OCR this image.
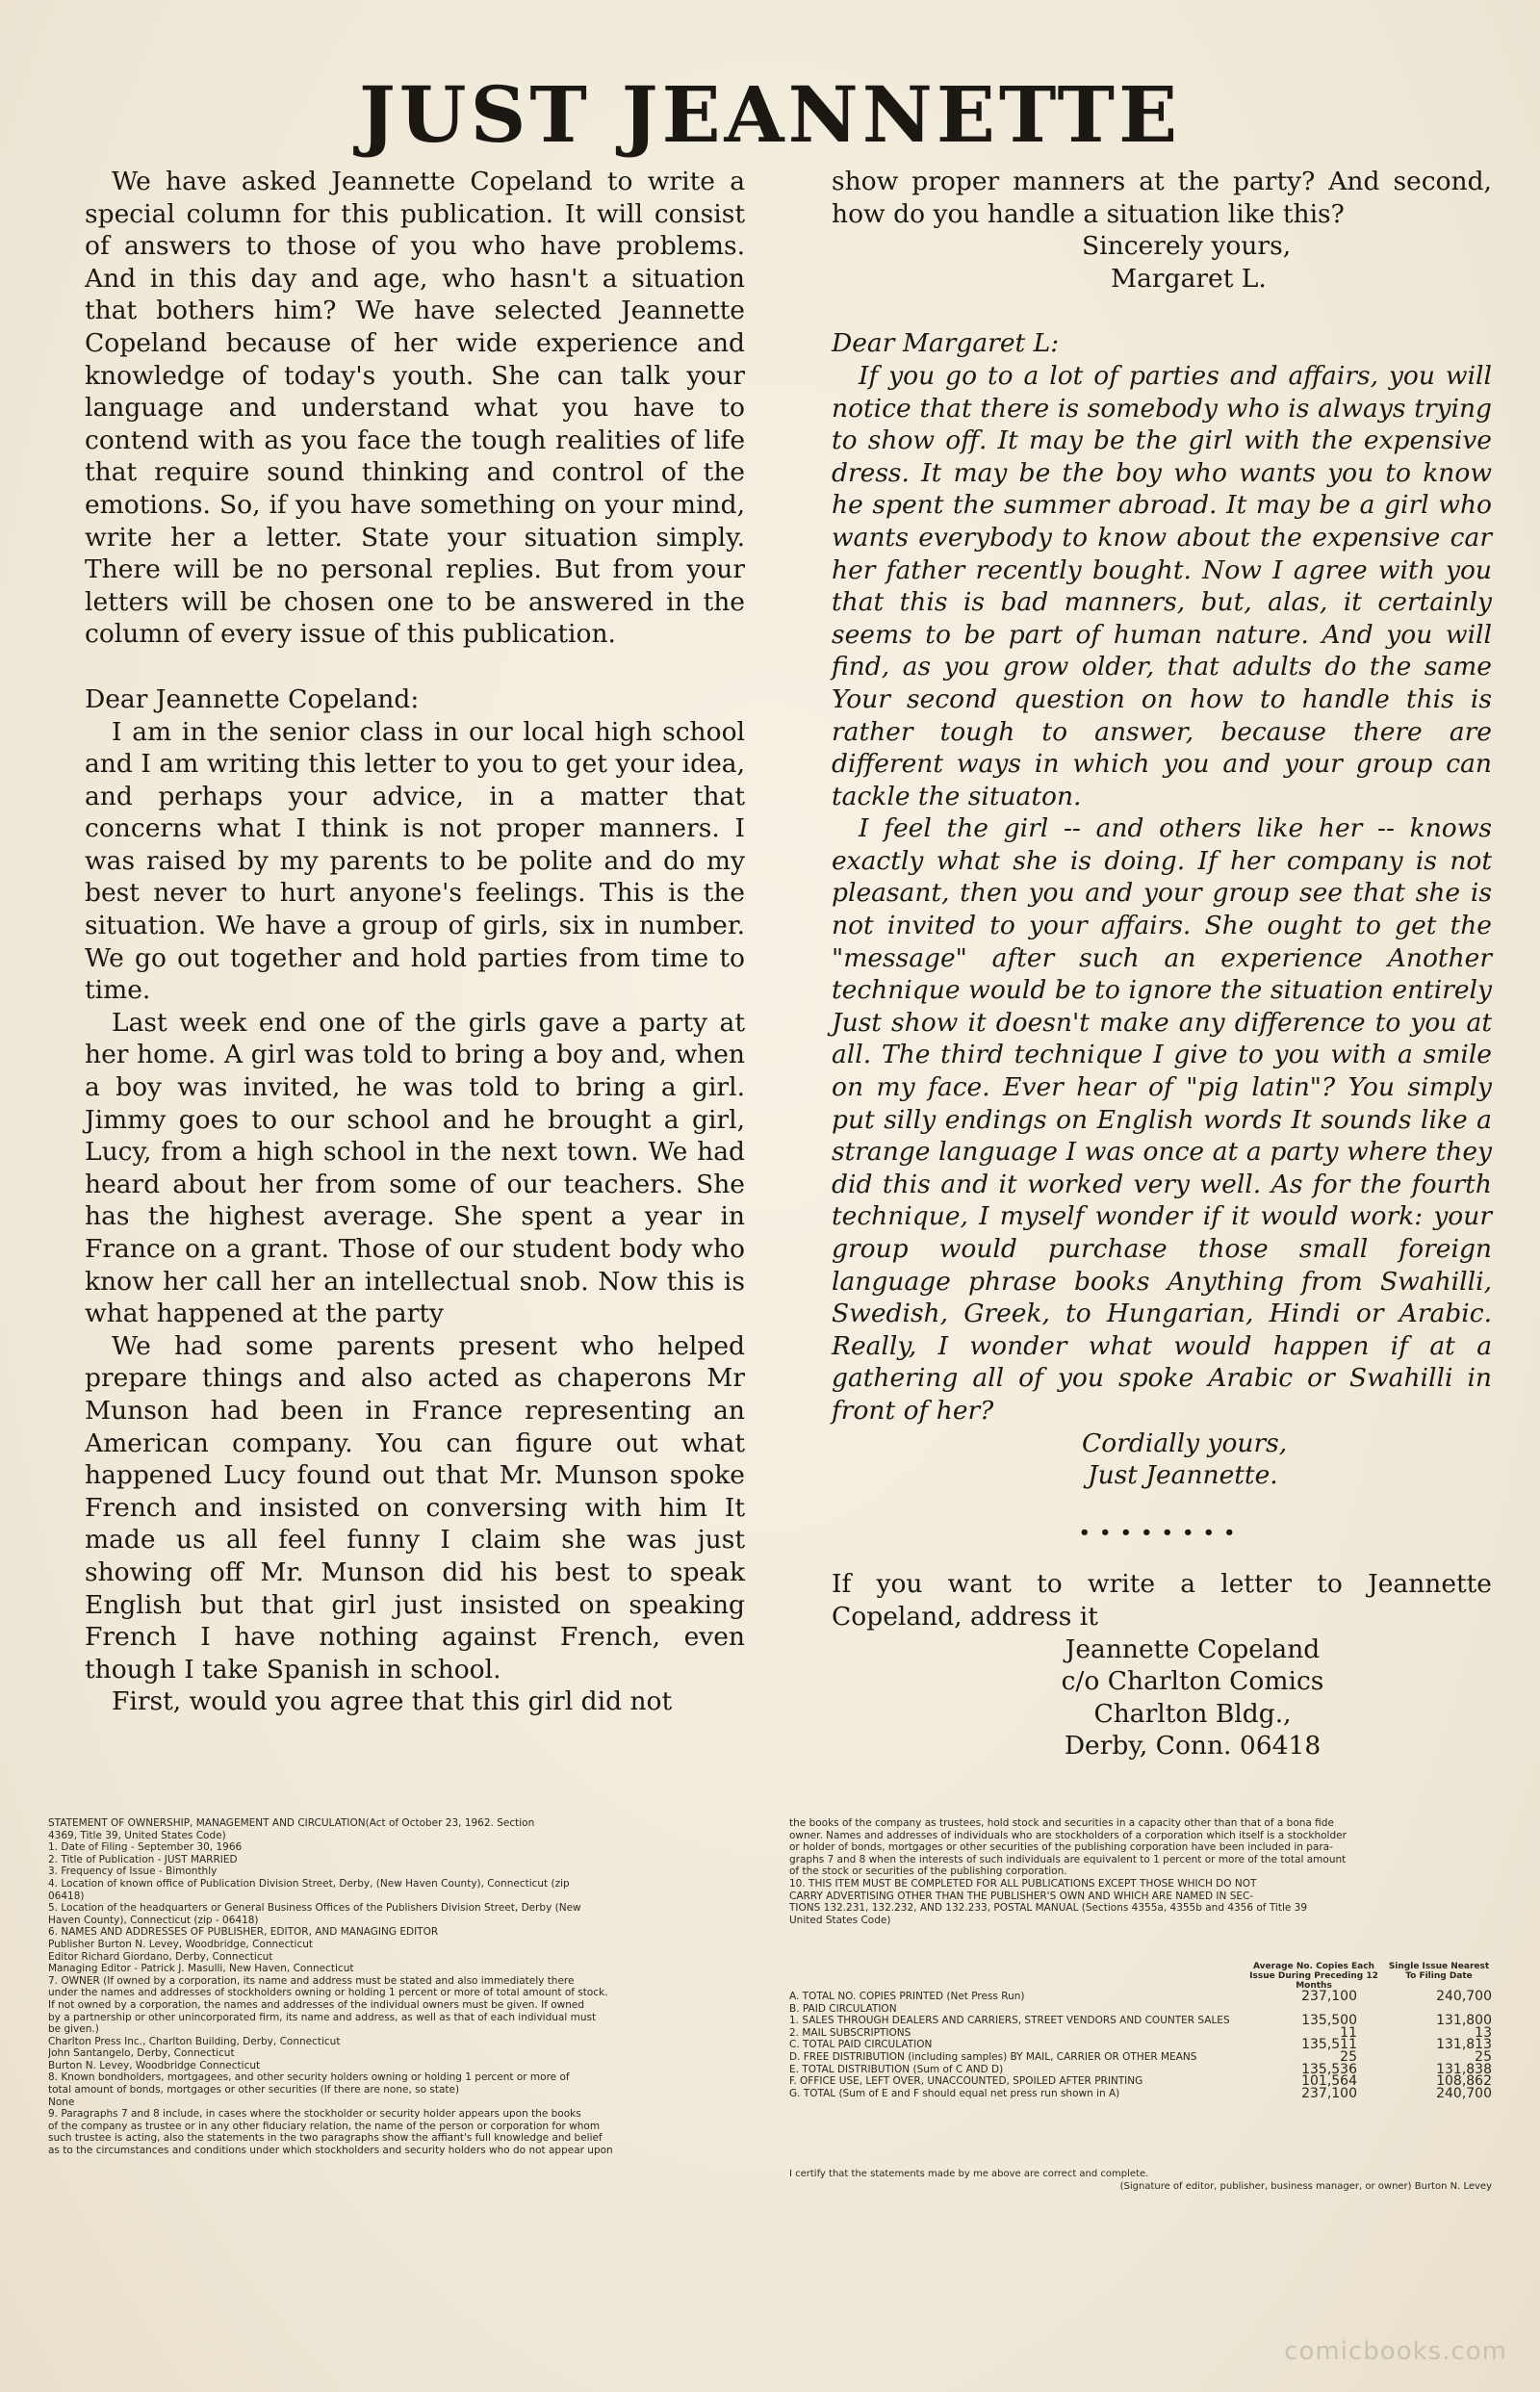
JUST JEANNETTE

We have asked Jeannette Copeland to write a special column for this publication. It will consist of answers to those of you who have problems. And in this day and age, who hasn't a situation that bothers him? We have selected Jeannette Copeland because of her wide experience and knowledge of today's youth. She can talk your language and understand what you have to contend with as you face the tough realities of life that require sound thinking and control of the emotions. So, if you have something on your mind, write her a letter. State your situation simply. There will be no personal replies. But from your letters will be chosen one to be answered in the column of every issue of this publication.

Dear Jeannette Copeland:

I am in the senior class in our local high school and I am writing this letter to you to get your idea, and perhaps your advice, in a matter that concerns what I think is not proper manners. I was raised by my parents to be polite and do my best never to hurt anyone's feelings. This is the situation. We have a group of girls, six in number. We go out together and hold parties from time to time.

Last week end one of the girls gave a party at her home. A girl was told to bring a boy and, when a boy was invited, he was told to bring a girl. Jimmy goes to our school and he brought a girl, Lucy, from a high school in the next town. We had heard about her from some of our teachers. She has the highest average. She spent a year in France on a grant. Those of our student body who know her call her an intellectual snob. Now this is what happened at the party

We had some parents present who helped prepare things and also acted as chaperons Mr Munson had been in France representing an American company. You can figure out what happened Lucy found out that Mr. Munson spoke French and insisted on conversing with him It made us all feel funny I claim she was just showing off Mr. Munson did his best to speak English but that girl just insisted on speaking French I have nothing against French, even though I take Spanish in school.

First, would you agree that this girl did not

show proper manners at the party? And second, how do you handle a situation like this?

Sincerely yours,

Margaret L.

Dear Margaret L:

If you go to a lot of parties and affairs, you will notice that there is somebody who is always trying to show off. It may be the girl with the expensive dress. It may be the boy who wants you to know he spent the summer abroad. It may be a girl who wants everybody to know about the expensive car her father recently bought. Now I agree with you that this is bad manners, but, alas, it certainly seems to be part of human nature. And you will find, as you grow older, that adults do the same Your second question on how to handle this is rather tough to answer, because there are different ways in which you and your group can tackle the situaton.

I feel the girl -- and others like her -- knows exactly what she is doing. If her company is not pleasant, then you and your group see that she is not invited to your affairs. She ought to get the "message" after such an experience Another technique would be to ignore the situation entirely Just show it doesn't make any difference to you at all. The third technique I give to you with a smile on my face. Ever hear of "pig latin"? You simply put silly endings on English words It sounds like a strange language I was once at a party where they did this and it worked very well. As for the fourth technique, I myself wonder if it would work: your group would purchase those small foreign language phrase books Anything from Swahilli, Swedish, Greek, to Hungarian, Hindi or Arabic. Really, I wonder what would happen if at a gathering all of you spoke Arabic or Swahilli in front of her?

Cordially yours,

Just Jeannette.

••••••••

If you want to write a letter to Jeannette Copeland, address it

Jeannette Copeland
c/o Charlton Comics
Charlton Bldg.,
Derby, Conn. 06418
STATEMENT OF OWNERSHIP, MANAGEMENT AND CIRCULATION(Act of October 23, 1962. Section
4369, Title 39, United States Code)
1. Date of Filing - September 30, 1966
2. Title of Publication - JUST MARRIED
3. Frequency of Issue - Bimonthly
4. Location of known office of Publication Division Street, Derby, (New Haven County), Connecticut (zip
06418)
5. Location of the headquarters or General Business Offices of the Publishers Division Street, Derby (New
Haven County), Connecticut (zip - 06418)
6. NAMES AND ADDRESSES OF PUBLISHER, EDITOR, AND MANAGING EDITOR
Publisher Burton N. Levey, Woodbridge, Connecticut
Editor Richard Giordano, Derby, Connecticut
Managing Editor - Patrick J. Masulli, New Haven, Connecticut
7. OWNER (If owned by a corporation, its name and address must be stated and also immediately there
under the names and addresses of stockholders owning or holding 1 percent or more of total amount of stock.
If not owned by a corporation, the names and addresses of the individual owners must be given. If owned
by a partnership or other unincorporated firm, its name and address, as well as that of each individual must
be given.)
Charlton Press Inc., Charlton Building, Derby, Connecticut
John Santangelo, Derby, Connecticut
Burton N. Levey, Woodbridge Connecticut
8. Known bondholders, mortgagees, and other security holders owning or holding 1 percent or more of
total amount of bonds, mortgages or other securities (If there are none, so state)
None
9. Paragraphs 7 and 8 include, in cases where the stockholder or security holder appears upon the books
of the company as trustee or in any other fiduciary relation, the name of the person or corporation for whom
such trustee is acting, also the statements in the two paragraphs show the affiant's full knowledge and belief
as to the circumstances and conditions under which stockholders and security holders who do not appear upon
the books of the company as trustees, hold stock and securities in a capacity other than that of a bona fide
owner. Names and addresses of individuals who are stockholders of a corporation which itself is a stockholder
or holder of bonds, mortgages or other securities of the publishing corporation have been included in para-
graphs 7 and 8 when the interests of such individuals are equivalent to 1 percent or more of the total amount
of the stock or securities of the publishing corporation.
10. THIS ITEM MUST BE COMPLETED FOR ALL PUBLICATIONS EXCEPT THOSE WHICH DO NOT
CARRY ADVERTISING OTHER THAN THE PUBLISHER'S OWN AND WHICH ARE NAMED IN SEC-
TIONS 132.231, 132.232, AND 132.233, POSTAL MANUAL (Sections 4355a, 4355b and 4356 of Title 39
United States Code)
	Average No. Copies Each Issue During Preceding 12 Months	Single Issue Nearest To Filing Date
A. TOTAL NO. COPIES PRINTED (Net Press Run)	237,100	240,700
B. PAID CIRCULATION		
1. SALES THROUGH DEALERS AND CARRIERS, STREET VENDORS AND COUNTER SALES	135,500	131,800
2. MAIL SUBSCRIPTIONS	11	13
C. TOTAL PAID CIRCULATION	135,511	131,813
D. FREE DISTRIBUTION (including samples) BY MAIL, CARRIER OR OTHER MEANS	25	25
E. TOTAL DISTRIBUTION (Sum of C AND D)	135,536	131,838
F. OFFICE USE, LEFT OVER, UNACCOUNTED, SPOILED AFTER PRINTING	101,564	108,862
G. TOTAL (Sum of E and F should equal net press run shown in A)	237,100	240,700
I certify that the statements made by me above are correct and complete.
(Signature of editor, publisher, business manager, or owner) Burton N. Levey
comicbooks.com
